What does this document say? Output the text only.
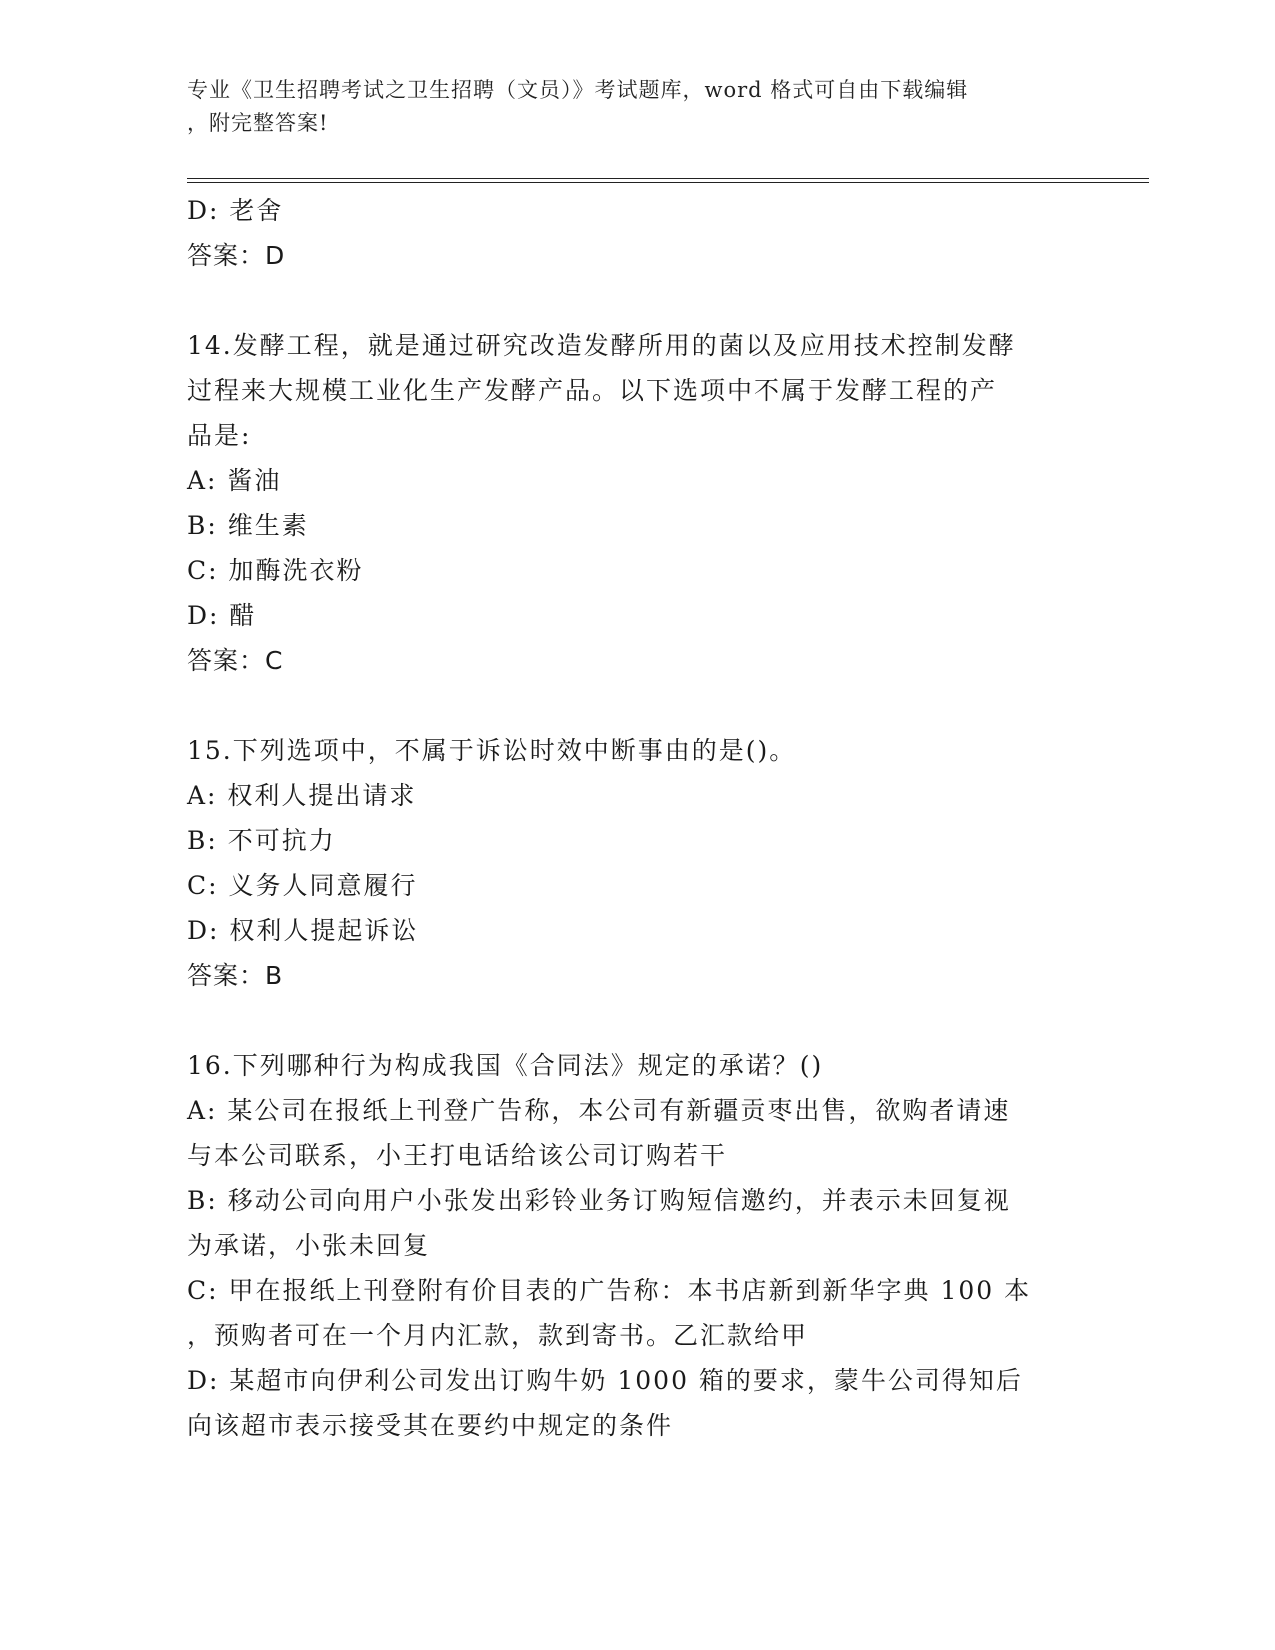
专业《卫生招聘考试之卫生招聘（文员）》考试题库，word 格式可自由下载编辑
，附完整答案!
D: 老舍
答案：D
14.发酵工程，就是通过研究改造发酵所用的菌以及应用技术控制发酵
过程来大规模工业化生产发酵产品。以下选项中不属于发酵工程的产
品是:
A: 酱油
B: 维生素
C: 加酶洗衣粉
D: 醋
答案：C
15.下列选项中，不属于诉讼时效中断事由的是()。
A: 权利人提出请求
B: 不可抗力
C: 义务人同意履行
D: 权利人提起诉讼
答案：B
16.下列哪种行为构成我国《合同法》规定的承诺？()
A: 某公司在报纸上刊登广告称，本公司有新疆贡枣出售，欲购者请速
与本公司联系，小王打电话给该公司订购若干
B: 移动公司向用户小张发出彩铃业务订购短信邀约，并表示未回复视
为承诺，小张未回复
C: 甲在报纸上刊登附有价目表的广告称：本书店新到新华字典 100 本
，预购者可在一个月内汇款，款到寄书。乙汇款给甲
D: 某超市向伊利公司发出订购牛奶 1000 箱的要求，蒙牛公司得知后
向该超市表示接受其在要约中规定的条件
